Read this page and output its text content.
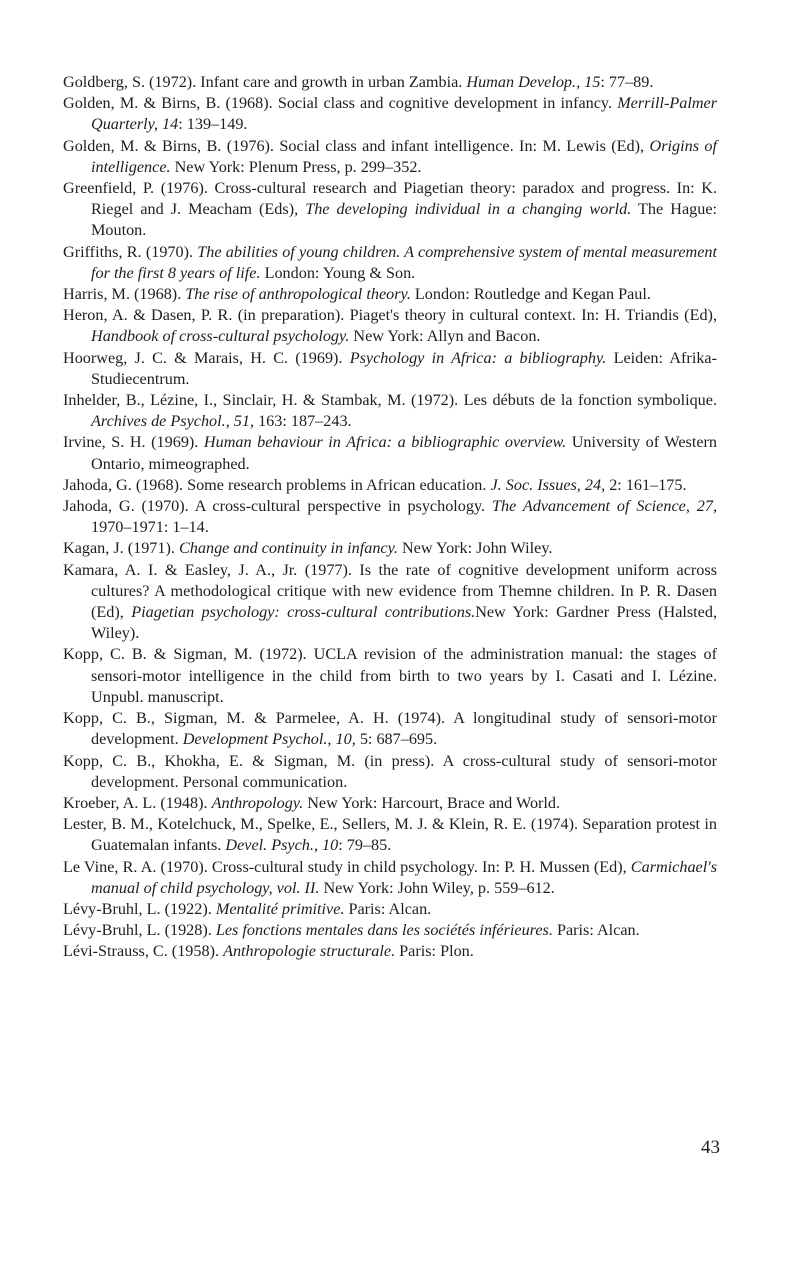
Goldberg, S. (1972). Infant care and growth in urban Zambia. Human Develop., 15: 77–89.

Golden, M. & Birns, B. (1968). Social class and cognitive development in infancy. Merrill-Palmer Quarterly, 14: 139–149.

Golden, M. & Birns, B. (1976). Social class and infant intelligence. In: M. Lewis (Ed), Origins of intelligence. New York: Plenum Press, p. 299–352.

Greenfield, P. (1976). Cross-cultural research and Piagetian theory: paradox and progress. In: K. Riegel and J. Meacham (Eds), The developing individual in a changing world. The Hague: Mouton.

Griffiths, R. (1970). The abilities of young children. A comprehensive system of mental measurement for the first 8 years of life. London: Young & Son.

Harris, M. (1968). The rise of anthropological theory. London: Routledge and Kegan Paul.

Heron, A. & Dasen, P. R. (in preparation). Piaget's theory in cultural context. In: H. Triandis (Ed), Handbook of cross-cultural psychology. New York: Allyn and Bacon.

Hoorweg, J. C. & Marais, H. C. (1969). Psychology in Africa: a bibliography. Leiden: Afrika-Studiecentrum.

Inhelder, B., Lézine, I., Sinclair, H. & Stambak, M. (1972). Les débuts de la fonction symbolique. Archives de Psychol., 51, 163: 187–243.

Irvine, S. H. (1969). Human behaviour in Africa: a bibliographic overview. University of Western Ontario, mimeographed.

Jahoda, G. (1968). Some research problems in African education. J. Soc. Issues, 24, 2: 161–175.

Jahoda, G. (1970). A cross-cultural perspective in psychology. The Advancement of Science, 27, 1970–1971: 1–14.

Kagan, J. (1971). Change and continuity in infancy. New York: John Wiley.

Kamara, A. I. & Easley, J. A., Jr. (1977). Is the rate of cognitive development uniform across cultures? A methodological critique with new evidence from Themne children. In P. R. Dasen (Ed), Piagetian psychology: cross-cultural contributions.New York: Gardner Press (Halsted, Wiley).

Kopp, C. B. & Sigman, M. (1972). UCLA revision of the administration manual: the stages of sensori-motor intelligence in the child from birth to two years by I. Casati and I. Lézine. Unpubl. manuscript.

Kopp, C. B., Sigman, M. & Parmelee, A. H. (1974). A longitudinal study of sensori-motor development. Development Psychol., 10, 5: 687–695.

Kopp, C. B., Khokha, E. & Sigman, M. (in press). A cross-cultural study of sensori-motor development. Personal communication.

Kroeber, A. L. (1948). Anthropology. New York: Harcourt, Brace and World.

Lester, B. M., Kotelchuck, M., Spelke, E., Sellers, M. J. & Klein, R. E. (1974). Separation protest in Guatemalan infants. Devel. Psych., 10: 79–85.

Le Vine, R. A. (1970). Cross-cultural study in child psychology. In: P. H. Mussen (Ed), Carmichael's manual of child psychology, vol. II. New York: John Wiley, p. 559–612.

Lévy-Bruhl, L. (1922). Mentalité primitive. Paris: Alcan.

Lévy-Bruhl, L. (1928). Les fonctions mentales dans les sociétés inférieures. Paris: Alcan.

Lévi-Strauss, C. (1958). Anthropologie structurale. Paris: Plon.

43
